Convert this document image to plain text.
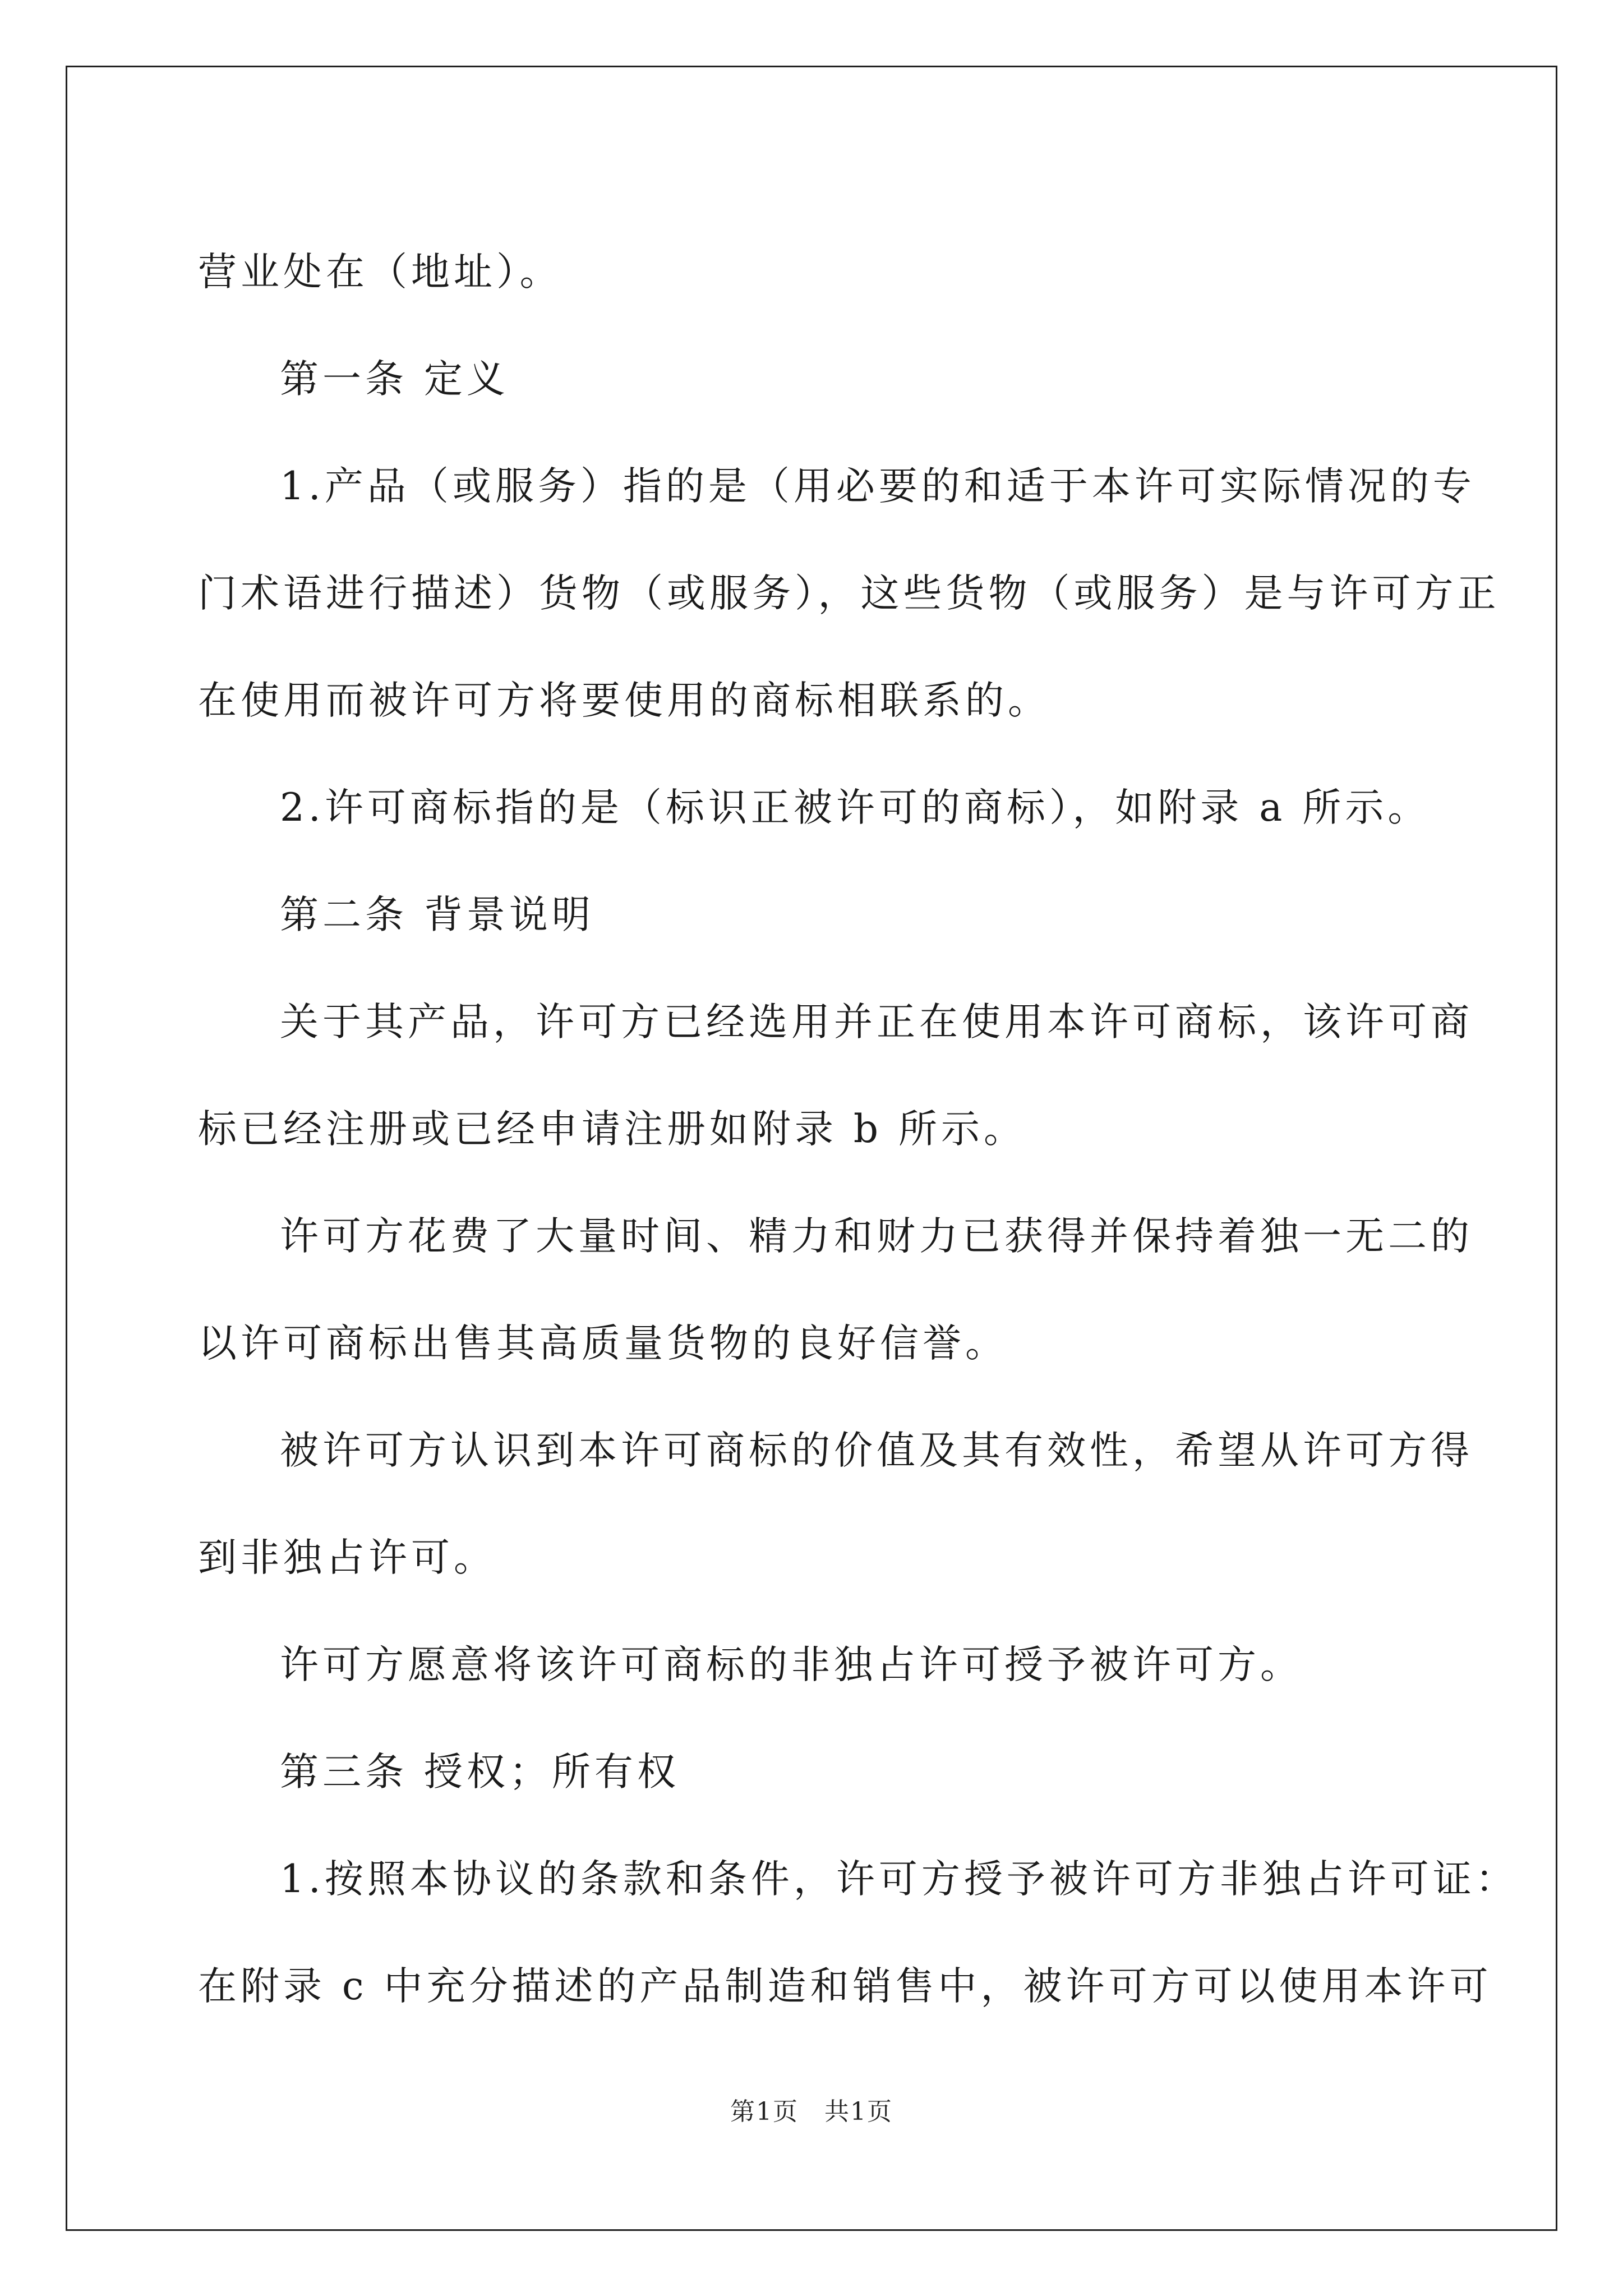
营业处在（地址）。

第一条 定义

1.产品（或服务）指的是（用必要的和适于本许可实际情况的专

门术语进行描述）货物（或服务），这些货物（或服务）是与许可方正

在使用而被许可方将要使用的商标相联系的。

2.许可商标指的是（标识正被许可的商标），如附录 a 所示。

第二条 背景说明

关于其产品，许可方已经选用并正在使用本许可商标，该许可商

标已经注册或已经申请注册如附录 b 所示。

许可方花费了大量时间、精力和财力已获得并保持着独一无二的

以许可商标出售其高质量货物的良好信誉。

被许可方认识到本许可商标的价值及其有效性，希望从许可方得

到非独占许可。

许可方愿意将该许可商标的非独占许可授予被许可方。

第三条 授权；所有权

1.按照本协议的条款和条件，许可方授予被许可方非独占许可证：

在附录 c 中充分描述的产品制造和销售中，被许可方可以使用本许可

第1页　共1页
